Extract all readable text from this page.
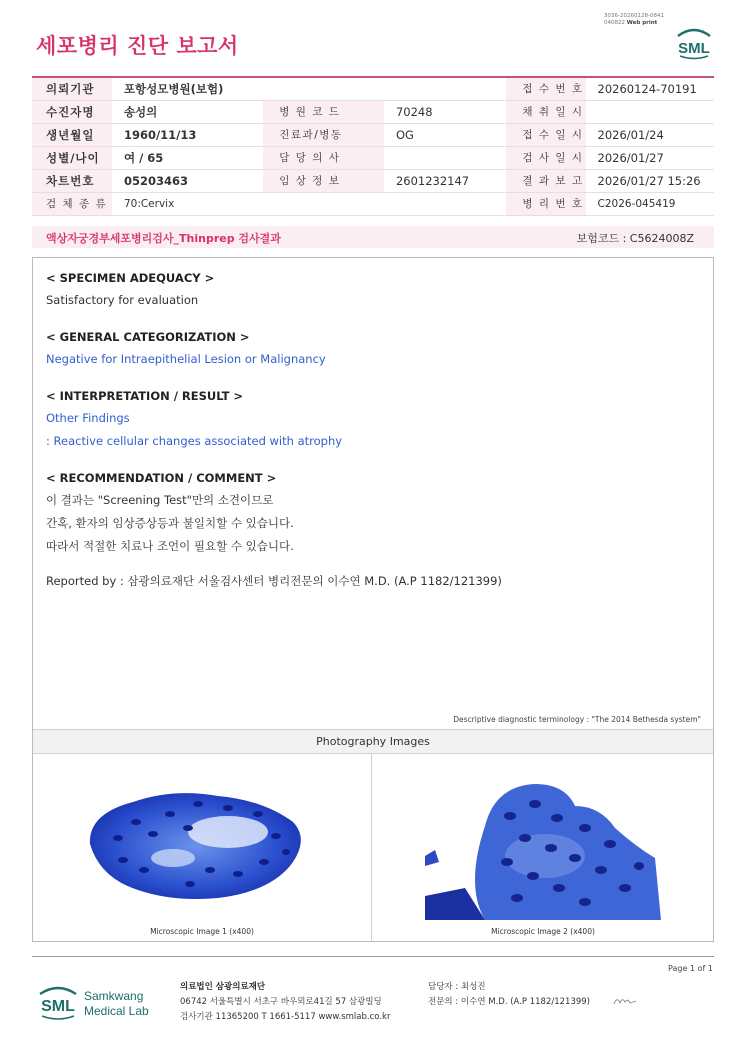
3036-20260128-0841
040822 Web print
세포병리 진단 보고서	SML
의뢰기관	포항성모병원(보험)			접 수 번 호	20260124-70191
수진자명	송성의	병 원 코 드	70248	채 취 일 시	
생년월일	1960/11/13	진료과/병동	OG	접 수 일 시	2026/01/24
성별/나이	여 / 65	담 당 의 사		검 사 일 시	2026/01/27
차트번호	05203463	임 상 정 보	2601232147	결 과 보 고	2026/01/27 15:26
검 체 종 류	70:Cervix			병 리 번 호	C2026-045419
액상자궁경부세포병리검사_Thinprep 검사결과	보험코드 : C5624008Z
< SPECIMEN ADEQUACY >
Satisfactory for evaluation
< GENERAL CATEGORIZATION >
Negative for Intraepithelial Lesion or Malignancy
< INTERPRETATION / RESULT >
Other Findings
: Reactive cellular changes associated with atrophy
< RECOMMENDATION / COMMENT >
이 결과는 "Screening Test"만의 소견이므로
간혹, 환자의 임상증상등과 불일치할 수 있습니다.
따라서 적절한 치료나 조언이 필요할 수 있습니다.
Reported by : 삼광의료재단 서울검사센터 병리전문의 이수연 M.D. (A.P 1182/121399)
Descriptive diagnostic terminology : "The 2014 Bethesda system"
Photography Images
Microscopic Image 1 (x400)	Microscopic Image 2 (x400)
Page 1 of 1
SML
Samkwang
Medical Lab
의료법인 삼광의료재단
06742 서울특별시 서초구 바우뫼로41길 57 삼광빌딩
검사기관 11365200 T 1661-5117 www.smlab.co.kr
담당자 : 최성진
전문의 : 이수연 M.D. (A.P 1182/121399)
